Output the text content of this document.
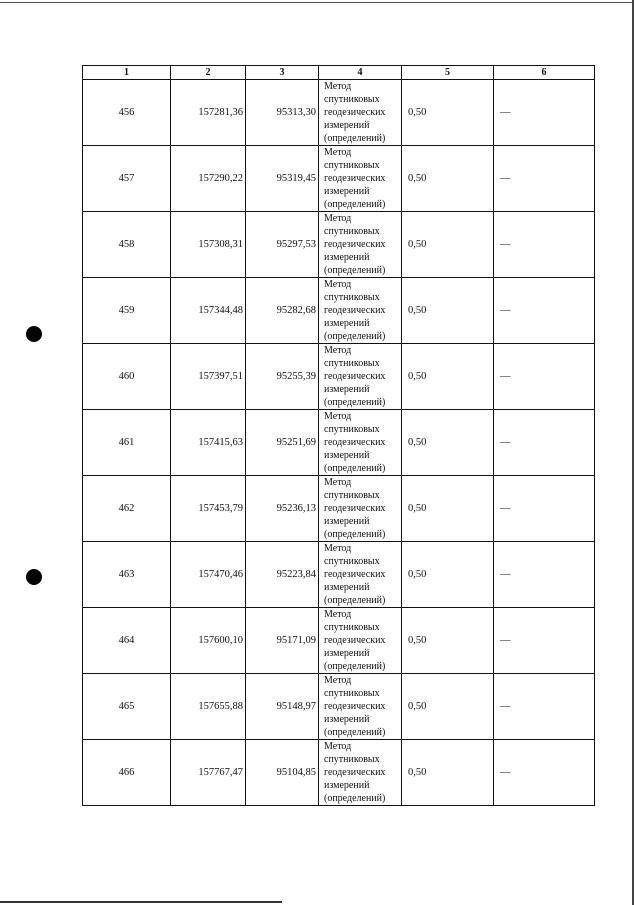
1	2	3	4	5	6
456	157281,36	95313,30	Метод
спутниковых
геодезических
измерений
(определений)	0,50	—
457	157290,22	95319,45	Метод
спутниковых
геодезических
измерений
(определений)	0,50	—
458	157308,31	95297,53	Метод
спутниковых
геодезических
измерений
(определений)	0,50	—
459	157344,48	95282,68	Метод
спутниковых
геодезических
измерений
(определений)	0,50	—
460	157397,51	95255,39	Метод
спутниковых
геодезических
измерений
(определений)	0,50	—
461	157415,63	95251,69	Метод
спутниковых
геодезических
измерений
(определений)	0,50	—
462	157453,79	95236,13	Метод
спутниковых
геодезических
измерений
(определений)	0,50	—
463	157470,46	95223,84	Метод
спутниковых
геодезических
измерений
(определений)	0,50	—
464	157600,10	95171,09	Метод
спутниковых
геодезических
измерений
(определений)	0,50	—
465	157655,88	95148,97	Метод
спутниковых
геодезических
измерений
(определений)	0,50	—
466	157767,47	95104,85	Метод
спутниковых
геодезических
измерений
(определений)	0,50	—
